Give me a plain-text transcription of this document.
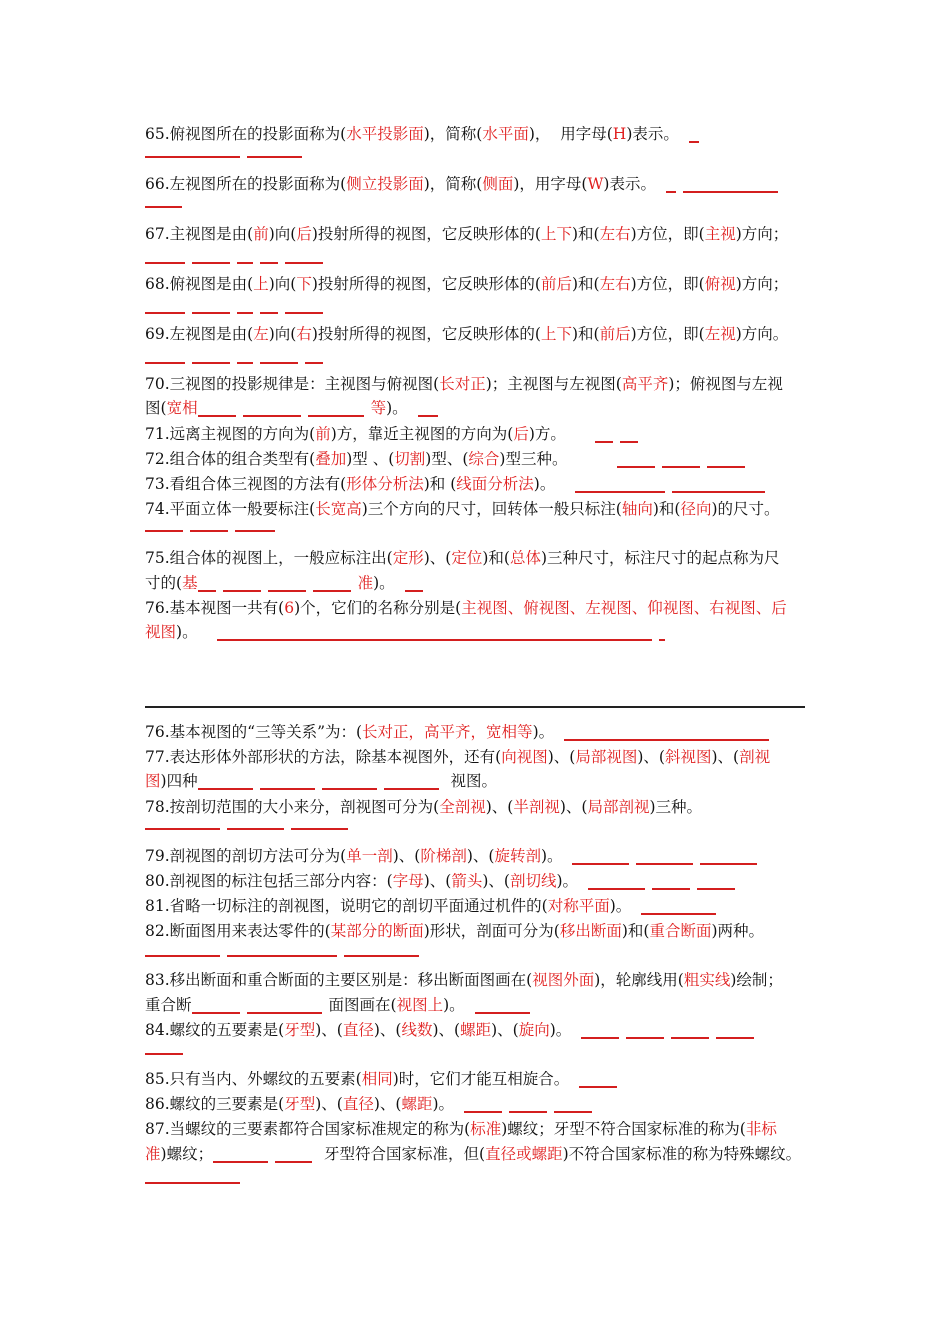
65.俯视图所在的投影面称为(水平投影面)，简称(水平面)，  用字母(H)表示。
66.左视图所在的投影面称为(侧立投影面)，简称(侧面)，用字母(W)表示。
67.主视图是由(前)向(后)投射所得的视图，它反映形体的(上下)和(左右)方位，即(主视)方向；
68.俯视图是由(上)向(下)投射所得的视图，它反映形体的(前后)和(左右)方位，即(俯视)方向；
69.左视图是由(左)向(右)投射所得的视图，它反映形体的(上下)和(前后)方位，即(左视)方向。
70.三视图的投影规律是：主视图与俯视图(长对正)；主视图与左视图(高平齐)；俯视图与左视
图(宽相	等)。
71.远离主视图的方向为(前)方，靠近主视图的方向为(后)方。
72.组合体的组合类型有(叠加)型 、(切割)型、(综合)型三种。
73.看组合体三视图的方法有(形体分析法)和 (线面分析法)。
74.平面立体一般要标注(长宽高)三个方向的尺寸，回转体一般只标注(轴向)和(径向)的尺寸。
75.组合体的视图上，一般应标注出(定形)、(定位)和(总体)三种尺寸，标注尺寸的起点称为尺
寸的(基	准)。
76.基本视图一共有(6)个，它们的名称分别是(主视图、俯视图、左视图、仰视图、右视图、后
视图)。
76.基本视图的“三等关系”为：(长对正，高平齐，宽相等)。
77.表达形体外部形状的方法，除基本视图外，还有(向视图)、(局部视图)、(斜视图)、(剖视
图)四种	视图。
78.按剖切范围的大小来分，剖视图可分为(全剖视)、(半剖视)、(局部剖视)三种。
79.剖视图的剖切方法可分为(单一剖)、(阶梯剖)、(旋转剖)。
80.剖视图的标注包括三部分内容：(字母)、(箭头)、(剖切线)。
81.省略一切标注的剖视图，说明它的剖切平面通过机件的(对称平面)。
82.断面图用来表达零件的(某部分的断面)形状，剖面可分为(移出断面)和(重合断面)两种。
83.移出断面和重合断面的主要区别是：移出断面图画在(视图外面)，轮廓线用(粗实线)绘制；
重合断	面图画在(视图上)。
84.螺纹的五要素是(牙型)、(直径)、(线数)、(螺距)、(旋向)。
85.只有当内、外螺纹的五要素(相同)时，它们才能互相旋合。
86.螺纹的三要素是(牙型)、(直径)、(螺距)。
87.当螺纹的三要素都符合国家标准规定的称为(标准)螺纹；牙型不符合国家标准的称为(非标
准)螺纹；	牙型符合国家标准，但(直径或螺距)不符合国家标准的称为特殊螺纹。
